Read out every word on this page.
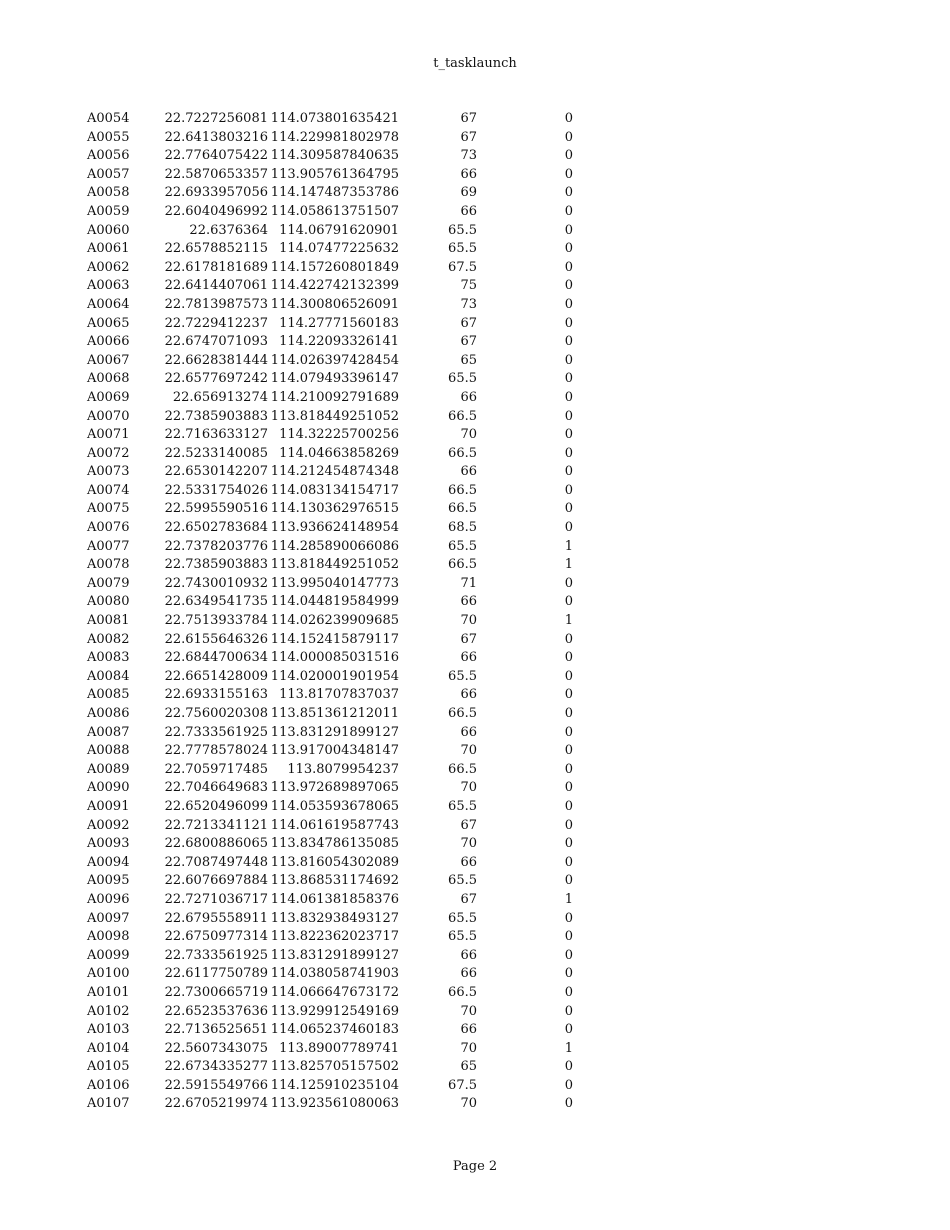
t_tasklaunch
A0054	22.7227256081	114.073801635421	67	0
A0055	22.6413803216	114.229981802978	67	0
A0056	22.7764075422	114.309587840635	73	0
A0057	22.5870653357	113.905761364795	66	0
A0058	22.6933957056	114.147487353786	69	0
A0059	22.6040496992	114.058613751507	66	0
A0060	22.6376364	114.06791620901	65.5	0
A0061	22.6578852115	114.07477225632	65.5	0
A0062	22.6178181689	114.157260801849	67.5	0
A0063	22.6414407061	114.422742132399	75	0
A0064	22.7813987573	114.300806526091	73	0
A0065	22.7229412237	114.27771560183	67	0
A0066	22.6747071093	114.22093326141	67	0
A0067	22.6628381444	114.026397428454	65	0
A0068	22.6577697242	114.079493396147	65.5	0
A0069	22.656913274	114.210092791689	66	0
A0070	22.7385903883	113.818449251052	66.5	0
A0071	22.7163633127	114.32225700256	70	0
A0072	22.5233140085	114.04663858269	66.5	0
A0073	22.6530142207	114.212454874348	66	0
A0074	22.5331754026	114.083134154717	66.5	0
A0075	22.5995590516	114.130362976515	66.5	0
A0076	22.6502783684	113.936624148954	68.5	0
A0077	22.7378203776	114.285890066086	65.5	1
A0078	22.7385903883	113.818449251052	66.5	1
A0079	22.7430010932	113.995040147773	71	0
A0080	22.6349541735	114.044819584999	66	0
A0081	22.7513933784	114.026239909685	70	1
A0082	22.6155646326	114.152415879117	67	0
A0083	22.6844700634	114.000085031516	66	0
A0084	22.6651428009	114.020001901954	65.5	0
A0085	22.6933155163	113.81707837037	66	0
A0086	22.7560020308	113.851361212011	66.5	0
A0087	22.7333561925	113.831291899127	66	0
A0088	22.7778578024	113.917004348147	70	0
A0089	22.7059717485	113.8079954237	66.5	0
A0090	22.7046649683	113.972689897065	70	0
A0091	22.6520496099	114.053593678065	65.5	0
A0092	22.7213341121	114.061619587743	67	0
A0093	22.6800886065	113.834786135085	70	0
A0094	22.7087497448	113.816054302089	66	0
A0095	22.6076697884	113.868531174692	65.5	0
A0096	22.7271036717	114.061381858376	67	1
A0097	22.6795558911	113.832938493127	65.5	0
A0098	22.6750977314	113.822362023717	65.5	0
A0099	22.7333561925	113.831291899127	66	0
A0100	22.6117750789	114.038058741903	66	0
A0101	22.7300665719	114.066647673172	66.5	0
A0102	22.6523537636	113.929912549169	70	0
A0103	22.7136525651	114.065237460183	66	0
A0104	22.5607343075	113.89007789741	70	1
A0105	22.6734335277	113.825705157502	65	0
A0106	22.5915549766	114.125910235104	67.5	0
A0107	22.6705219974	113.923561080063	70	0
Page 2
